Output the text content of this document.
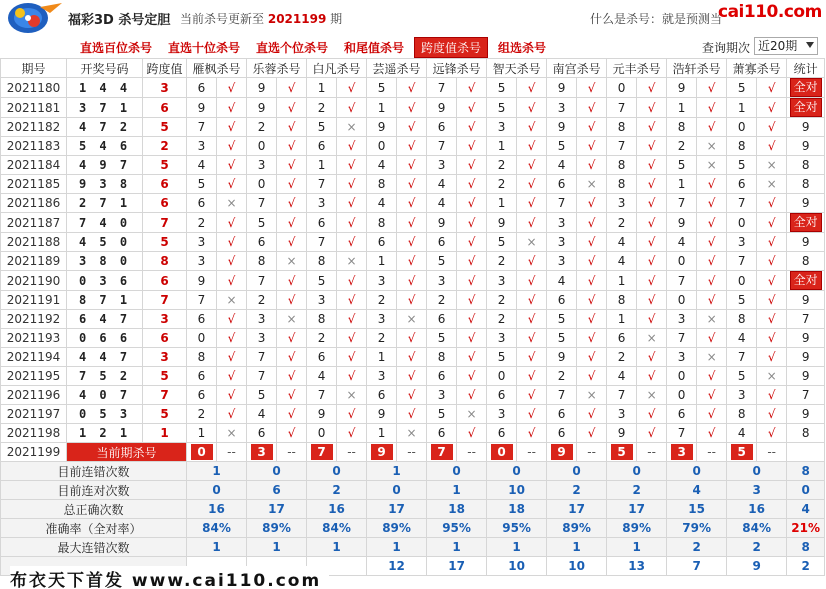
福彩3D 杀号定胆 当前杀号更新至 2021199 期	什么是杀号：就是预测当
cai110.com
直选百位杀号 直选十位杀号 直选个位杀号 和尾值杀号	跨度值杀号	组选杀号	查询期次 近20期
期号	开奖号码	跨度值	雁枫杀号		乐蓉杀号		白凡杀号		芸遥杀号		远锋杀号		智天杀号		南宫杀号		元丰杀号		浩轩杀号		萧寡杀号		统计
2021180	1 4 4	3	6	√	9	√	1	√	5	√	7	√	5	√	9	√	0	√	9	√	5	√	全对
2021181	3 7 1	6	9	√	9	√	2	√	1	√	9	√	5	√	3	√	7	√	1	√	1	√	全对
2021182	4 7 2	5	7	√	2	√	5	×	9	√	6	√	3	√	9	√	8	√	8	√	0	√	9
2021183	5 4 6	2	3	√	0	√	6	√	0	√	7	√	1	√	5	√	7	√	2	×	8	√	9
2021184	4 9 7	5	4	√	3	√	1	√	4	√	3	√	2	√	4	√	8	√	5	×	5	×	8
2021185	9 3 8	6	5	√	0	√	7	√	8	√	4	√	2	√	6	×	8	√	1	√	6	×	8
2021186	2 7 1	6	6	×	7	√	3	√	4	√	4	√	1	√	7	√	3	√	7	√	7	√	9
2021187	7 4 0	7	2	√	5	√	6	√	8	√	9	√	9	√	3	√	2	√	9	√	0	√	全对
2021188	4 5 0	5	3	√	6	√	7	√	6	√	6	√	5	×	3	√	4	√	4	√	3	√	9
2021189	3 8 0	8	3	√	8	×	8	×	1	√	5	√	2	√	3	√	4	√	0	√	7	√	8
2021190	0 3 6	6	9	√	7	√	5	√	3	√	3	√	3	√	4	√	1	√	7	√	0	√	全对
2021191	8 7 1	7	7	×	2	√	3	√	2	√	2	√	2	√	6	√	8	√	0	√	5	√	9
2021192	6 4 7	3	6	√	3	×	8	√	3	×	6	√	2	√	5	√	1	√	3	×	8	√	7
2021193	0 6 6	6	0	√	3	√	2	√	2	√	5	√	3	√	5	√	6	×	7	√	4	√	9
2021194	4 4 7	3	8	√	7	√	6	√	1	√	8	√	5	√	9	√	2	√	3	×	7	√	9
2021195	7 5 2	5	6	√	7	√	4	√	3	√	6	√	0	√	2	√	4	√	0	√	5	×	9
2021196	4 0 7	7	6	√	5	√	7	×	6	√	3	√	6	√	7	×	7	×	0	√	3	√	7
2021197	0 5 3	5	2	√	4	√	9	√	9	√	5	×	3	√	6	√	3	√	6	√	8	√	9
2021198	1 2 1	1	1	×	6	√	0	√	1	×	6	√	6	√	6	√	9	√	7	√	4	√	8
2021199	当前期杀号		0	--	3	--	7	--	9	--	7	--	0	--	9	--	5	--	3	--	5	--	
目前连错次数			1		0		0		1		0		0		0		0		0		0		8
目前连对次数			0		6		2		0		1		10		2		2		4		3		0
总正确次数			16		17		16		17		18		18		17		17		15		16		4
准确率（全对率）			84%		89%		84%		89%		95%		95%		89%		89%		79%		84%		21%
最大连错次数			1		1		1		1		1		1		1		1		2		2		8
									12		17		10		10		13		7		9		2
布衣天下首发 www.cai110.com
